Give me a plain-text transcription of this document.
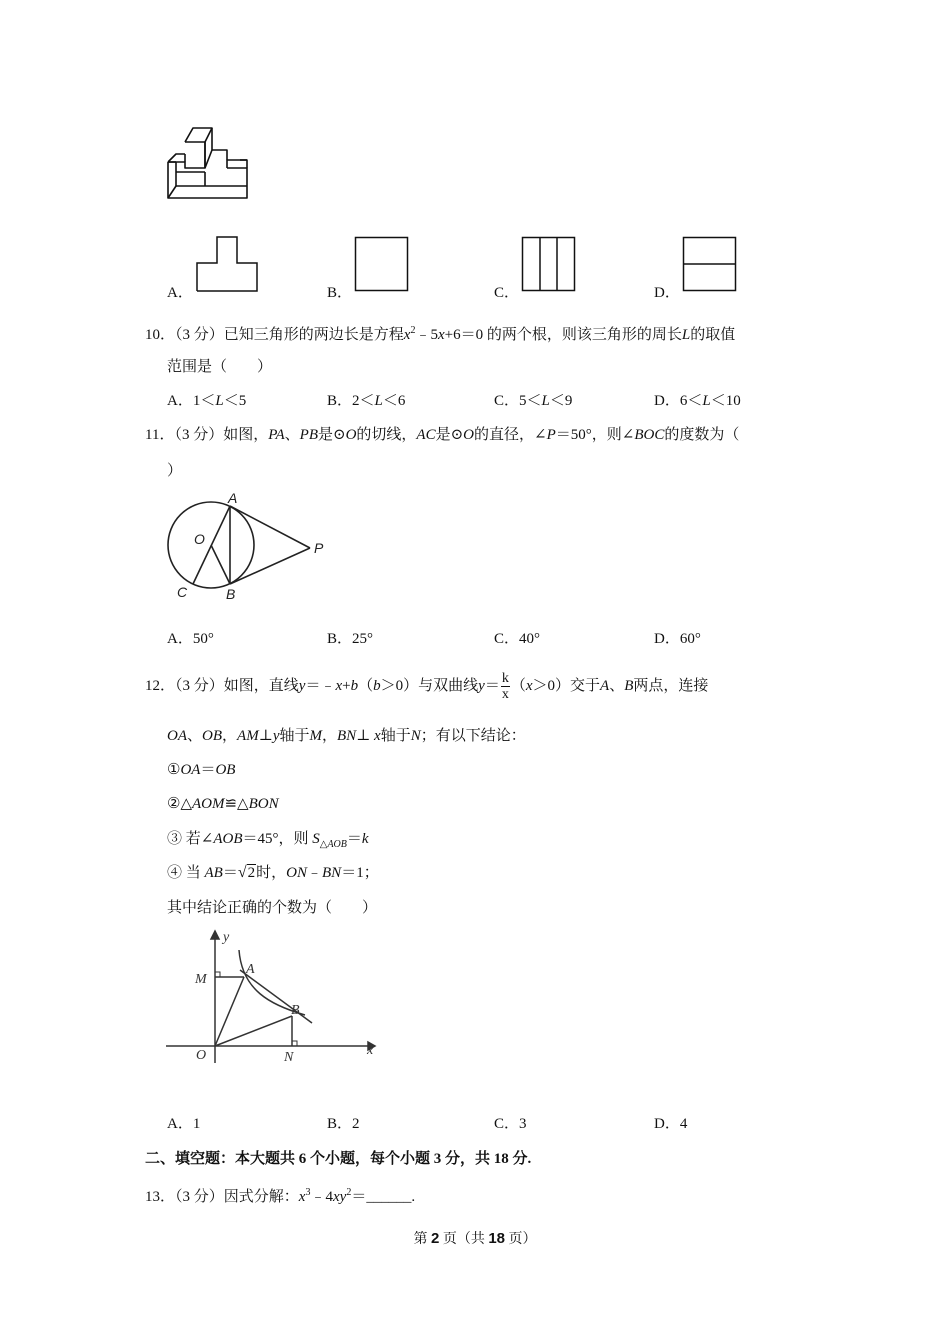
A．	B．	C．	D．
10．（3 分）已知三角形的两边长是方程$x^2﹣5x+6=0$ 的两个根，则该三角形的周长L的取值
范围是（　　）
A．1＜L＜5	B．2＜L＜6	C．5＜L＜9	D．6＜L＜10
11．（3 分）如图，PA、PB是⊙O的切线，AC是⊙O的直径，∠P＝50°，则∠BOC的度数为（
）
A
O
P
C	B
A．50°	B．25°	C．40°	D．60°
12．（3 分）如图，直线y＝﹣x+b（b＞0）与双曲线$y= \frac{k}{x} (x>0)$交于A、B两点，连接
OA、OB，AM⊥y轴于M，BN⊥ x轴于N；有以下结论：
①OA＝OB
②△AOM≌△BON
③ 若∠AOB＝45°，则 $S_{\triangle AOB}=k$
④ 当 AB＝√2时，ON﹣BN＝1；
其中结论正确的个数为（　　）
y
M
A
B
O	N	x
A．1	B．2	C．3	D．4
二、填空题：本大题共 6 个小题，每个小题 3 分，共 18 分.
13．（3 分）因式分解：$x^3﹣4xy^2=\_\_\_\_\_\_$.
第 2 页（共 18 页）
